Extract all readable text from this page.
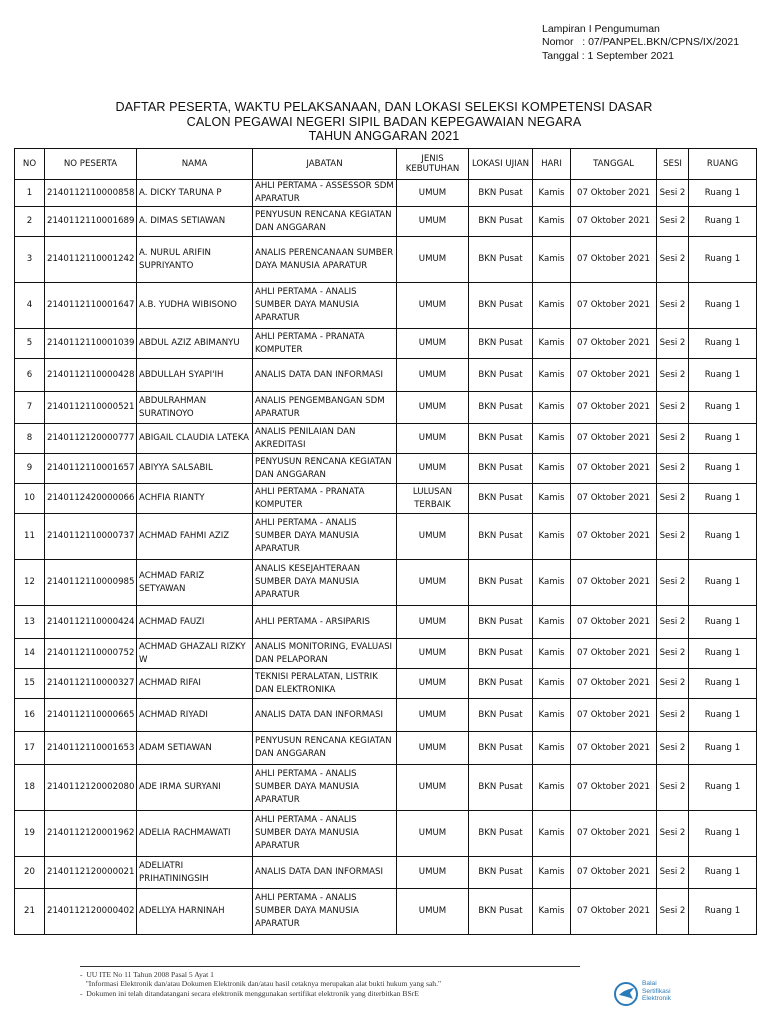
Lampiran I Pengumuman
Nomor   : 07/PANPEL.BKN/CPNS/IX/2021
Tanggal : 1 September 2021
DAFTAR PESERTA, WAKTU PELAKSANAAN, DAN LOKASI SELEKSI KOMPETENSI DASAR
CALON PEGAWAI NEGERI SIPIL BADAN KEPEGAWAIAN NEGARA
TAHUN ANGGARAN 2021
NO	NO PESERTA	NAMA	JABATAN	JENIS KEBUTUHAN	LOKASI UJIAN	HARI	TANGGAL	SESI	RUANG
1	2140112110000858	A. DICKY TARUNA P	AHLI PERTAMA - ASSESSOR SDM APARATUR	UMUM	BKN Pusat	Kamis	07 Oktober 2021	Sesi 2	Ruang 1
2	2140112110001689	A. DIMAS SETIAWAN	PENYUSUN RENCANA KEGIATAN DAN ANGGARAN	UMUM	BKN Pusat	Kamis	07 Oktober 2021	Sesi 2	Ruang 1
3	2140112110001242	A. NURUL ARIFIN SUPRIYANTO	ANALIS PERENCANAAN SUMBER DAYA MANUSIA APARATUR	UMUM	BKN Pusat	Kamis	07 Oktober 2021	Sesi 2	Ruang 1
4	2140112110001647	A.B. YUDHA WIBISONO	AHLI PERTAMA - ANALIS SUMBER DAYA MANUSIA APARATUR	UMUM	BKN Pusat	Kamis	07 Oktober 2021	Sesi 2	Ruang 1
5	2140112110001039	ABDUL AZIZ ABIMANYU	AHLI PERTAMA - PRANATA KOMPUTER	UMUM	BKN Pusat	Kamis	07 Oktober 2021	Sesi 2	Ruang 1
6	2140112110000428	ABDULLAH SYAPI'IH	ANALIS DATA DAN INFORMASI	UMUM	BKN Pusat	Kamis	07 Oktober 2021	Sesi 2	Ruang 1
7	2140112110000521	ABDULRAHMAN SURATINOYO	ANALIS PENGEMBANGAN SDM APARATUR	UMUM	BKN Pusat	Kamis	07 Oktober 2021	Sesi 2	Ruang 1
8	2140112120000777	ABIGAIL CLAUDIA LATEKA	ANALIS PENILAIAN DAN AKREDITASI	UMUM	BKN Pusat	Kamis	07 Oktober 2021	Sesi 2	Ruang 1
9	2140112110001657	ABIYYA SALSABIL	PENYUSUN RENCANA KEGIATAN DAN ANGGARAN	UMUM	BKN Pusat	Kamis	07 Oktober 2021	Sesi 2	Ruang 1
10	2140112420000066	ACHFIA RIANTY	AHLI PERTAMA - PRANATA KOMPUTER	LULUSAN TERBAIK	BKN Pusat	Kamis	07 Oktober 2021	Sesi 2	Ruang 1
11	2140112110000737	ACHMAD FAHMI AZIZ	AHLI PERTAMA - ANALIS SUMBER DAYA MANUSIA APARATUR	UMUM	BKN Pusat	Kamis	07 Oktober 2021	Sesi 2	Ruang 1
12	2140112110000985	ACHMAD FARIZ SETYAWAN	ANALIS KESEJAHTERAAN SUMBER DAYA MANUSIA APARATUR	UMUM	BKN Pusat	Kamis	07 Oktober 2021	Sesi 2	Ruang 1
13	2140112110000424	ACHMAD FAUZI	AHLI PERTAMA - ARSIPARIS	UMUM	BKN Pusat	Kamis	07 Oktober 2021	Sesi 2	Ruang 1
14	2140112110000752	ACHMAD GHAZALI RIZKY W	ANALIS MONITORING, EVALUASI DAN PELAPORAN	UMUM	BKN Pusat	Kamis	07 Oktober 2021	Sesi 2	Ruang 1
15	2140112110000327	ACHMAD RIFAI	TEKNISI PERALATAN, LISTRIK DAN ELEKTRONIKA	UMUM	BKN Pusat	Kamis	07 Oktober 2021	Sesi 2	Ruang 1
16	2140112110000665	ACHMAD RIYADI	ANALIS DATA DAN INFORMASI	UMUM	BKN Pusat	Kamis	07 Oktober 2021	Sesi 2	Ruang 1
17	2140112110001653	ADAM SETIAWAN	PENYUSUN RENCANA KEGIATAN DAN ANGGARAN	UMUM	BKN Pusat	Kamis	07 Oktober 2021	Sesi 2	Ruang 1
18	2140112120002080	ADE IRMA SURYANI	AHLI PERTAMA - ANALIS SUMBER DAYA MANUSIA APARATUR	UMUM	BKN Pusat	Kamis	07 Oktober 2021	Sesi 2	Ruang 1
19	2140112120001962	ADELIA RACHMAWATI	AHLI PERTAMA - ANALIS SUMBER DAYA MANUSIA APARATUR	UMUM	BKN Pusat	Kamis	07 Oktober 2021	Sesi 2	Ruang 1
20	2140112120000021	ADELIATRI PRIHATININGSIH	ANALIS DATA DAN INFORMASI	UMUM	BKN Pusat	Kamis	07 Oktober 2021	Sesi 2	Ruang 1
21	2140112120000402	ADELLYA HARNINAH	AHLI PERTAMA - ANALIS SUMBER DAYA MANUSIA APARATUR	UMUM	BKN Pusat	Kamis	07 Oktober 2021	Sesi 2	Ruang 1
-  UU ITE No 11 Tahun 2008 Pasal 5 Ayat 1
"Informasi Elektronik dan/atau Dokumen Elektronik dan/atau hasil cetaknya merupakan alat bukti hukum yang sah."
-  Dokumen ini telah ditandatangani secara elektronik menggunakan sertifikat elektronik yang diterbitkan BSrE
Balai
Sertifikasi
Elektronik
